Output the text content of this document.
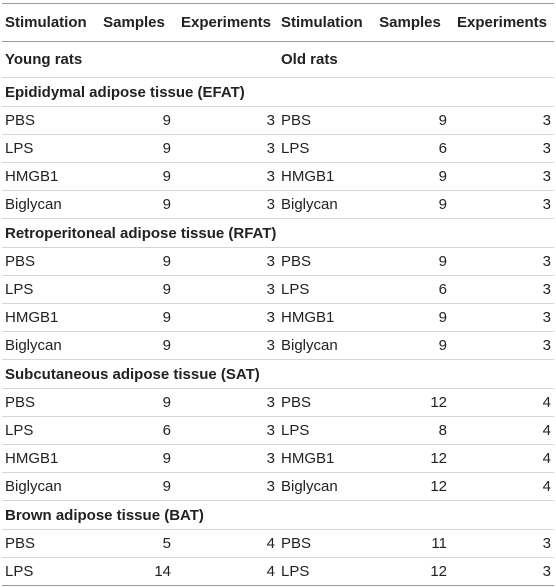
Stimulation	Samples	Experiments	Stimulation	Samples	Experiments
Young rats			Old rats		
Epididymal adipose tissue (EFAT)					
PBS	9	3	PBS	9	3
LPS	9	3	LPS	6	3
HMGB1	9	3	HMGB1	9	3
Biglycan	9	3	Biglycan	9	3
Retroperitoneal adipose tissue (RFAT)					
PBS	9	3	PBS	9	3
LPS	9	3	LPS	6	3
HMGB1	9	3	HMGB1	9	3
Biglycan	9	3	Biglycan	9	3
Subcutaneous adipose tissue (SAT)					
PBS	9	3	PBS	12	4
LPS	6	3	LPS	8	4
HMGB1	9	3	HMGB1	12	4
Biglycan	9	3	Biglycan	12	4
Brown adipose tissue (BAT)					
PBS	5	4	PBS	11	3
LPS	14	4	LPS	12	3
